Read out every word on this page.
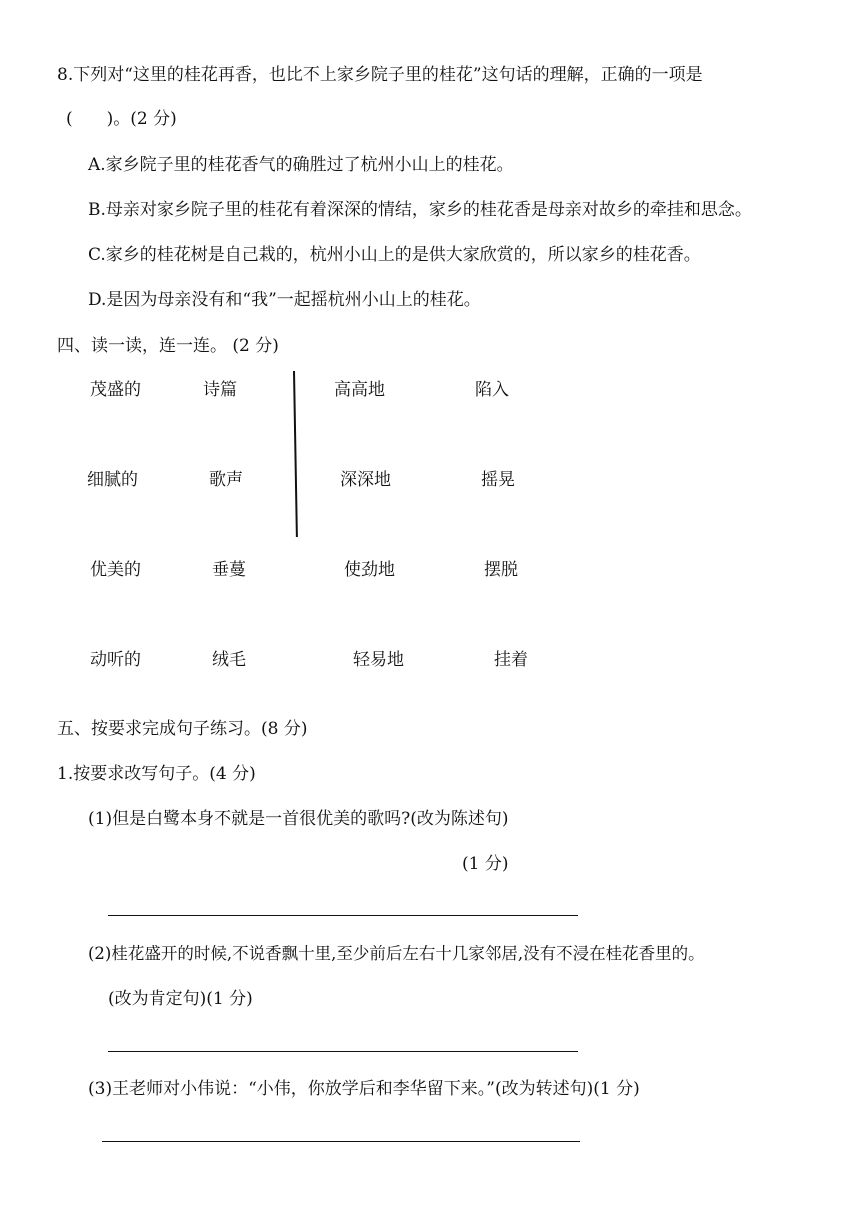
8.下列对“这里的桂花再香，也比不上家乡院子里的桂花”这句话的理解，正确的一项是
(　　)。(2 分)
A.家乡院子里的桂花香气的确胜过了杭州小山上的桂花。
B.母亲对家乡院子里的桂花有着深深的情结，家乡的桂花香是母亲对故乡的牵挂和思念。
C.家乡的桂花树是自己栽的，杭州小山上的是供大家欣赏的，所以家乡的桂花香。
D.是因为母亲没有和“我”一起摇杭州小山上的桂花。
四、读一读，连一连。 (2 分)
茂盛的	诗篇	高高地	陷入
细腻的	歌声	深深地	摇晃
优美的	垂蔓	使劲地	摆脱
动听的	绒毛	轻易地	挂着
五、按要求完成句子练习。(8 分)
1.按要求改写句子。(4 分)
(1)但是白鹭本身不就是一首很优美的歌吗?(改为陈述句)
(1 分)
(2)桂花盛开的时候,不说香飘十里,至少前后左右十几家邻居,没有不浸在桂花香里的。
(改为肯定句)(1 分)
(3)王老师对小伟说：“小伟，你放学后和李华留下来。”(改为转述句)(1 分)
